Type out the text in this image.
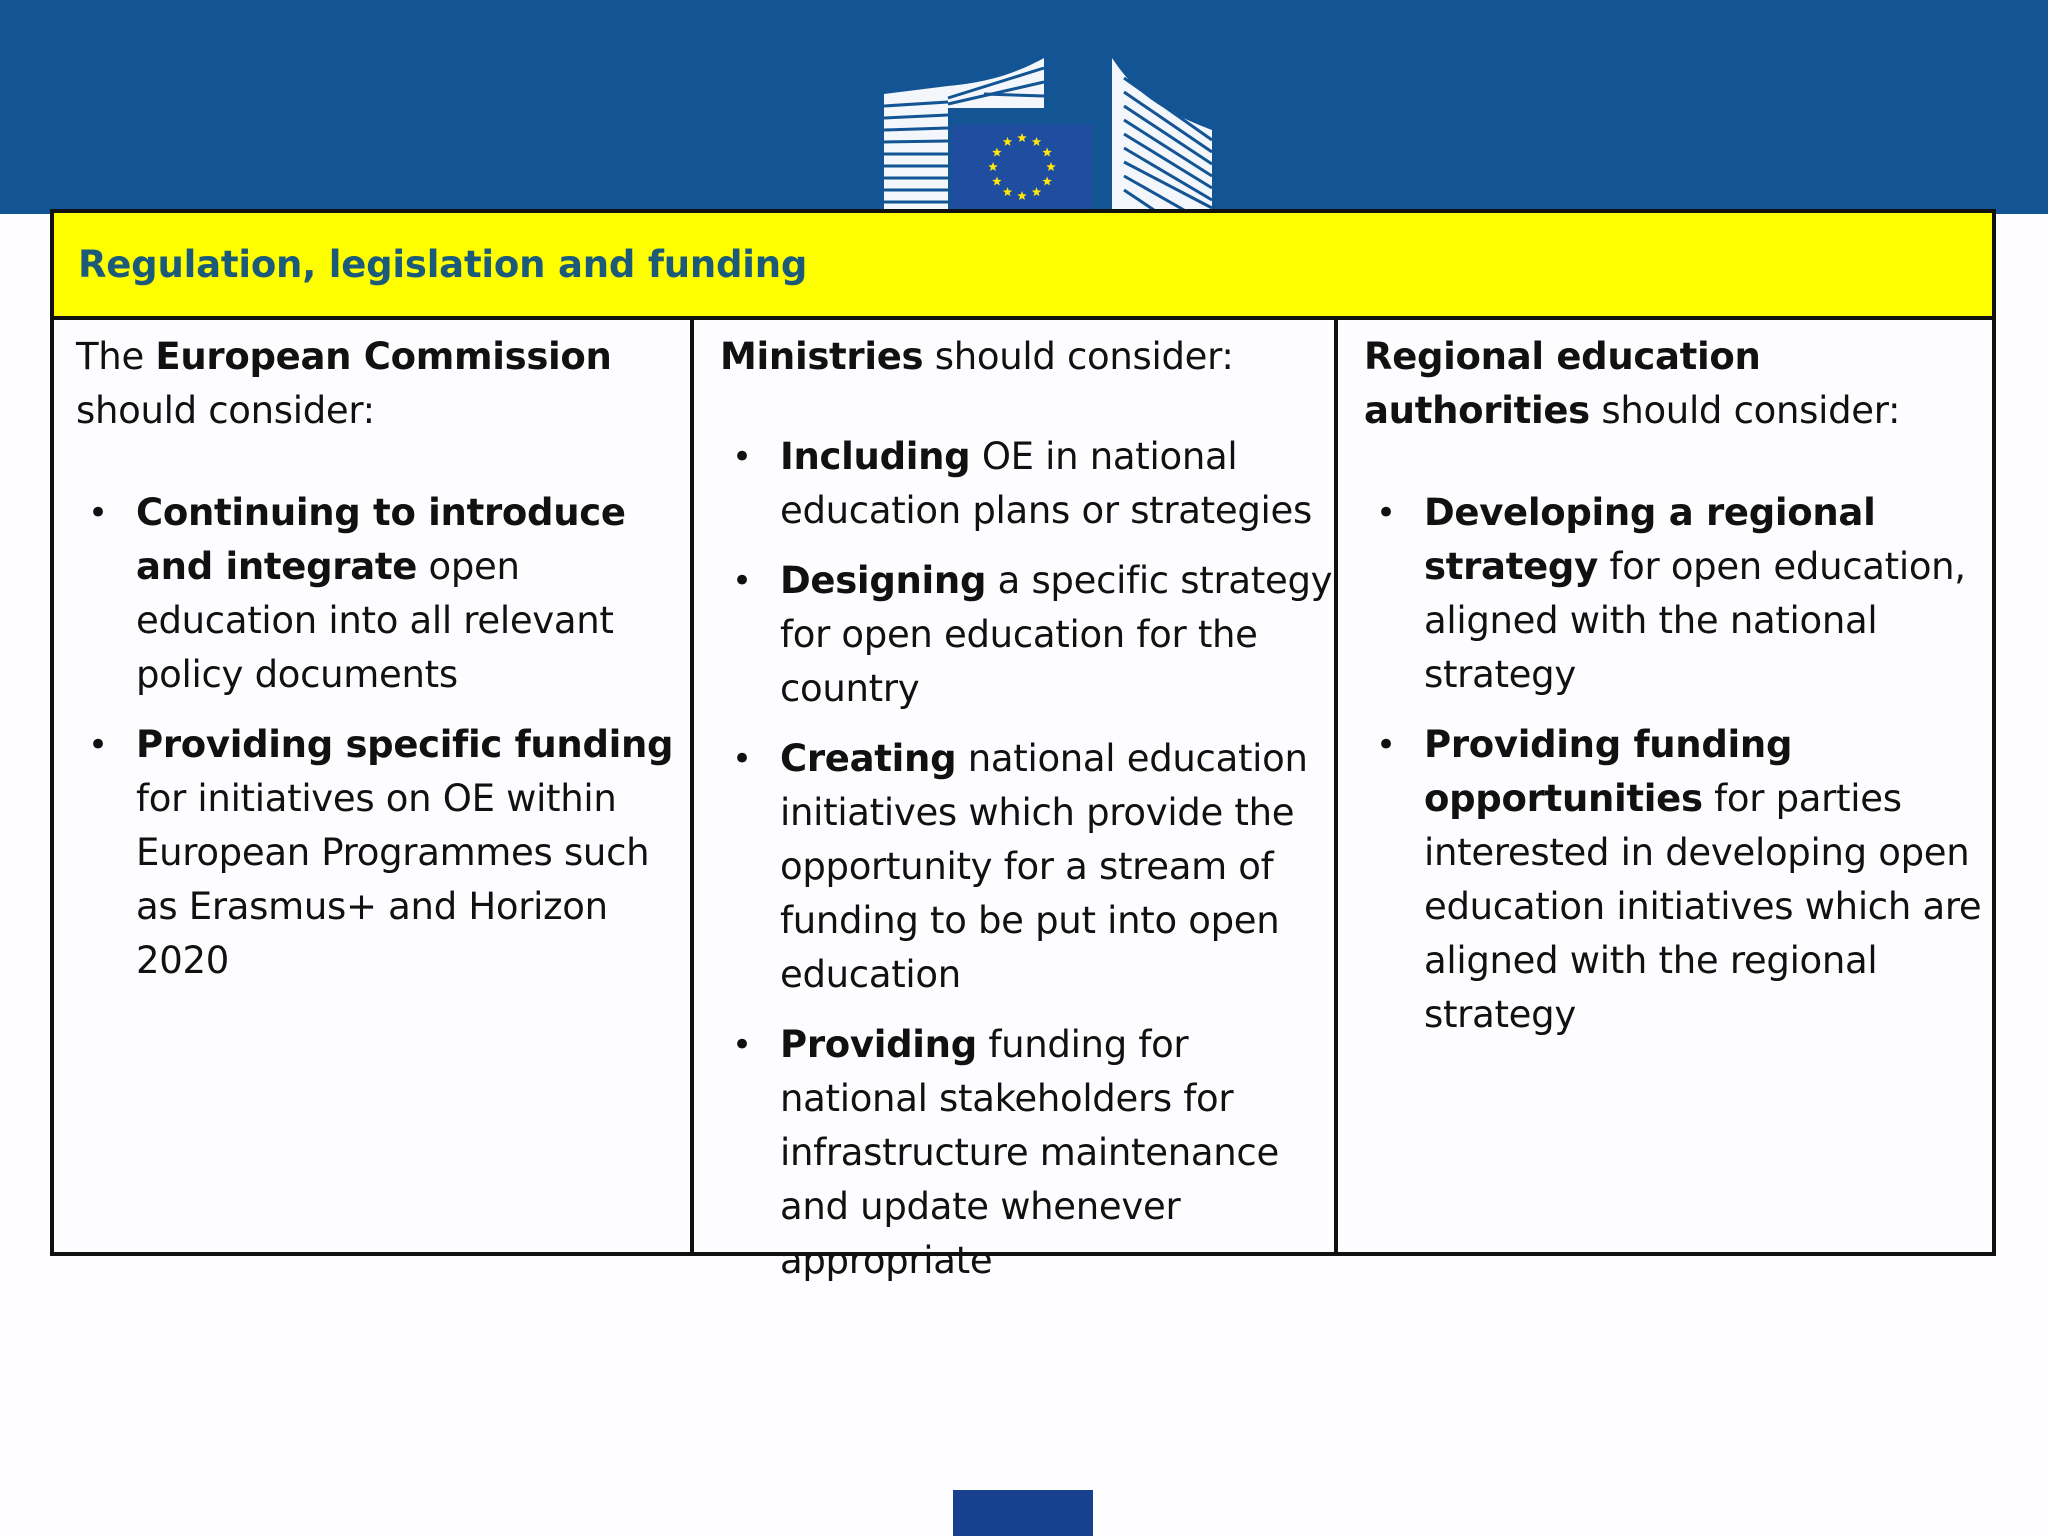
Regulation, legislation and funding

The European Commission should consider:

• Continuing to introduce and integrate open education into all relevant policy documents
• Providing specific funding for initiatives on OE within European Programmes such as Erasmus+ and Horizon 2020

Ministries should consider:

• Including OE in national education plans or strategies
• Designing a specific strategy for open education for the country
• Creating national education initiatives which provide the opportunity for a stream of funding to be put into open education
• Providing funding for national stakeholders for infrastructure maintenance and update whenever appropriate

Regional education authorities should consider:

• Developing a regional strategy for open education, aligned with the national strategy
• Providing funding opportunities for parties interested in developing open education initiatives which are aligned with the regional strategy
